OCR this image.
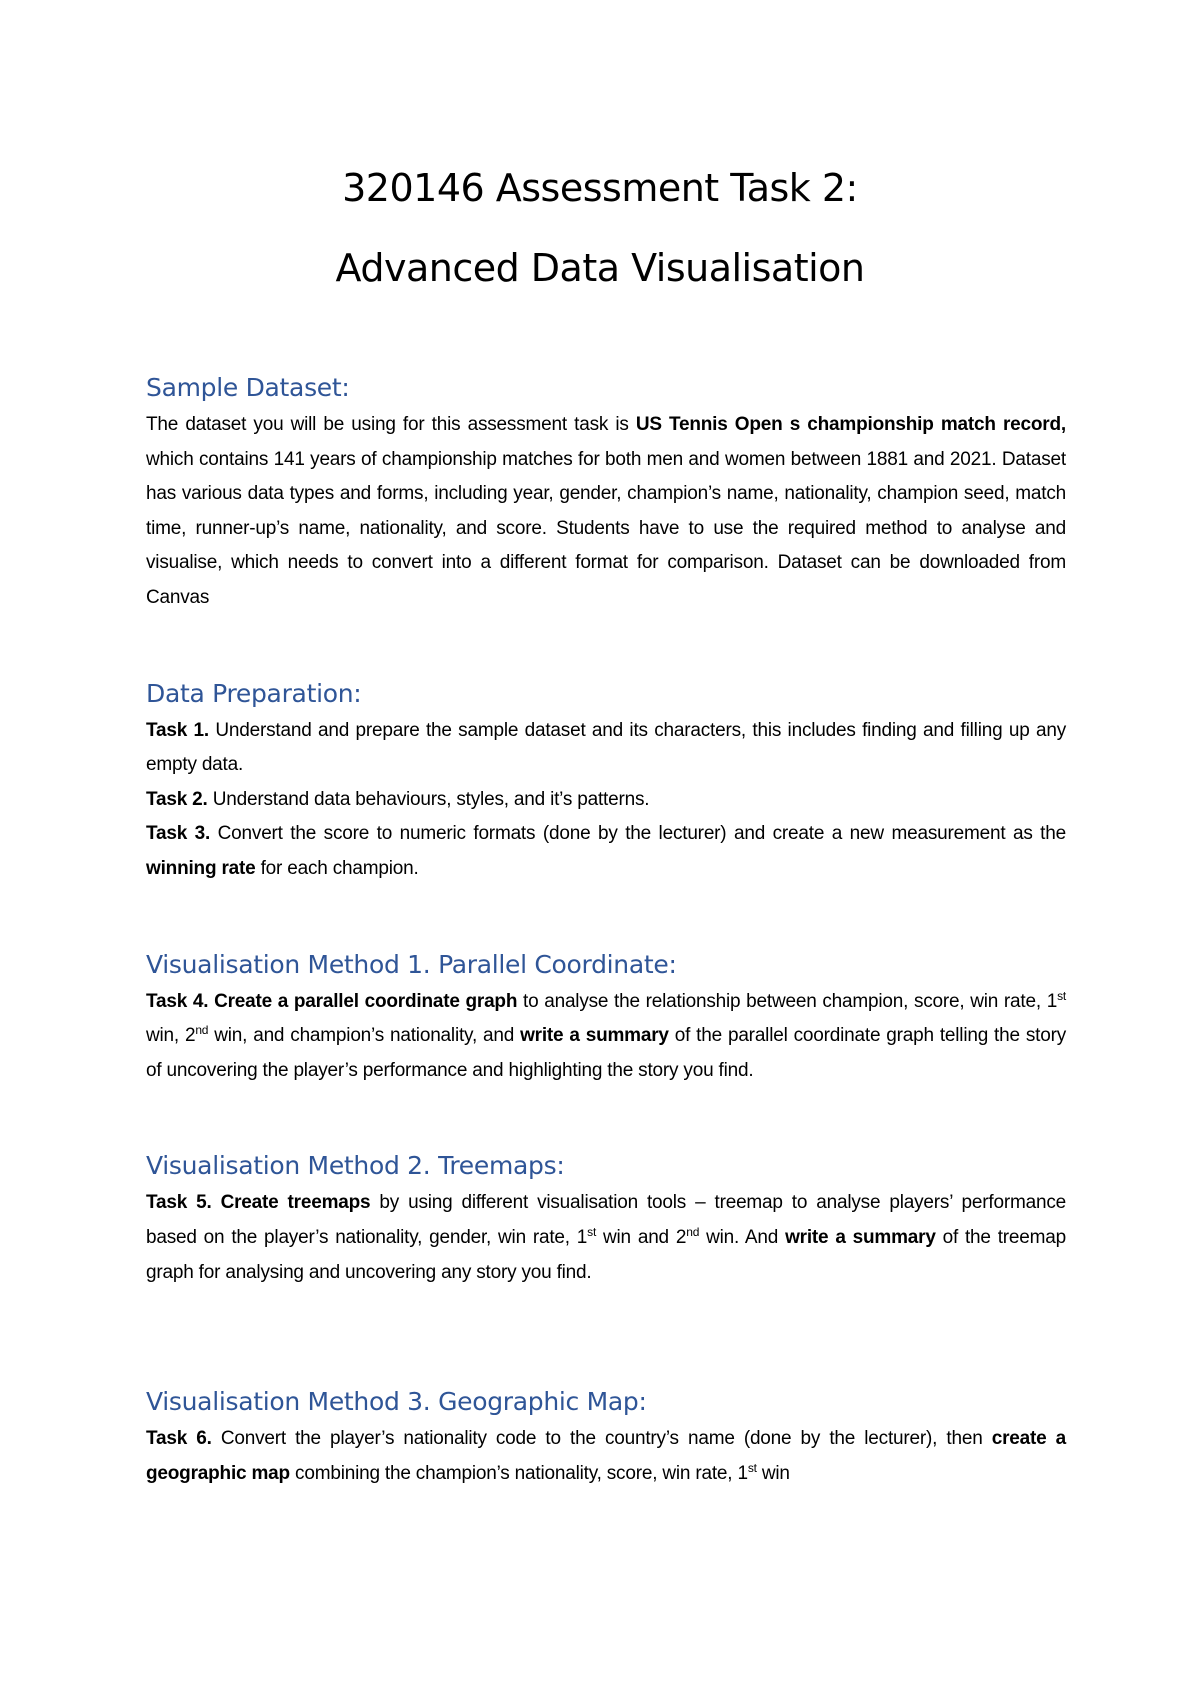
320146 Assessment Task 2:
Advanced Data Visualisation
Sample Dataset:

The dataset you will be using for this assessment task is US Tennis Open s championship match record, which contains 141 years of championship matches for both men and women between 1881 and 2021. Dataset has various data types and forms, including year, gender, champion’s name, nationality, champion seed, match time, runner-up’s name, nationality, and score. Students have to use the required method to analyse and visualise, which needs to convert into a different format for comparison. Dataset can be downloaded from Canvas

Data Preparation:

Task 1. Understand and prepare the sample dataset and its characters, this includes finding and filling up any empty data.

Task 2. Understand data behaviours, styles, and it’s patterns.

Task 3. Convert the score to numeric formats (done by the lecturer) and create a new measurement as the winning rate for each champion.

Visualisation Method 1. Parallel Coordinate:

Task 4. Create a parallel coordinate graph to analyse the relationship between champion, score, win rate, 1st win, 2nd win, and champion’s nationality, and write a summary of the parallel coordinate graph telling the story of uncovering the player’s performance and highlighting the story you find.

Visualisation Method 2. Treemaps:

Task 5. Create treemaps by using different visualisation tools – treemap to analyse players’ performance based on the player’s nationality, gender, win rate, 1st win and 2nd win. And write a summary of the treemap graph for analysing and uncovering any story you find.

Visualisation Method 3. Geographic Map:

Task 6. Convert the player’s nationality code to the country’s name (done by the lecturer), then create a geographic map combining the champion’s nationality, score, win rate, 1st win
